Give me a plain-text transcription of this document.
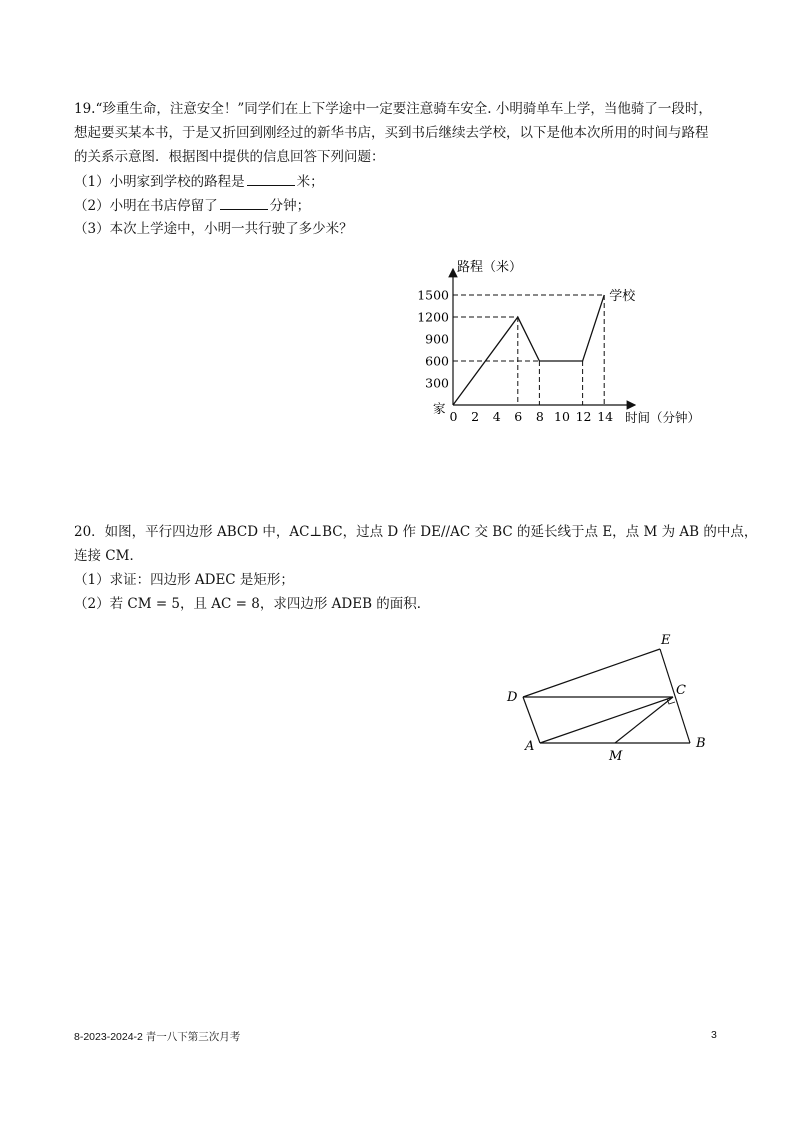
19.“珍重生命，注意安全！”同学们在上下学途中一定要注意骑车安全. 小明骑单车上学，当他骑了一段时，
想起要买某本书，于是又折回到刚经过的新华书店，买到书后继续去学校，以下是他本次所用的时间与路程
的关系示意图．根据图中提供的信息回答下列问题：
（1）小明家到学校的路程是	米；
（2）小明在书店停留了	分钟；
（3）本次上学途中，小明一共行驶了多少米？
0 2 4 6 8 10 12 14
300
600
900
1200
1500
路程（米）
时间（分钟）
家
学校
20．如图，平行四边形 ABCD 中，AC⊥BC，过点 D 作 DE//AC 交 BC 的延长线于点 E，点 M 为 AB 的中点，
连接 CM．
（1）求证：四边形 ADEC 是矩形；
（2）若 CM = 5，且 AC = 8，求四边形 ADEB 的面积．
E
D	C
A	B
M
8-2023-2024-2 青一八下第三次月考	3
